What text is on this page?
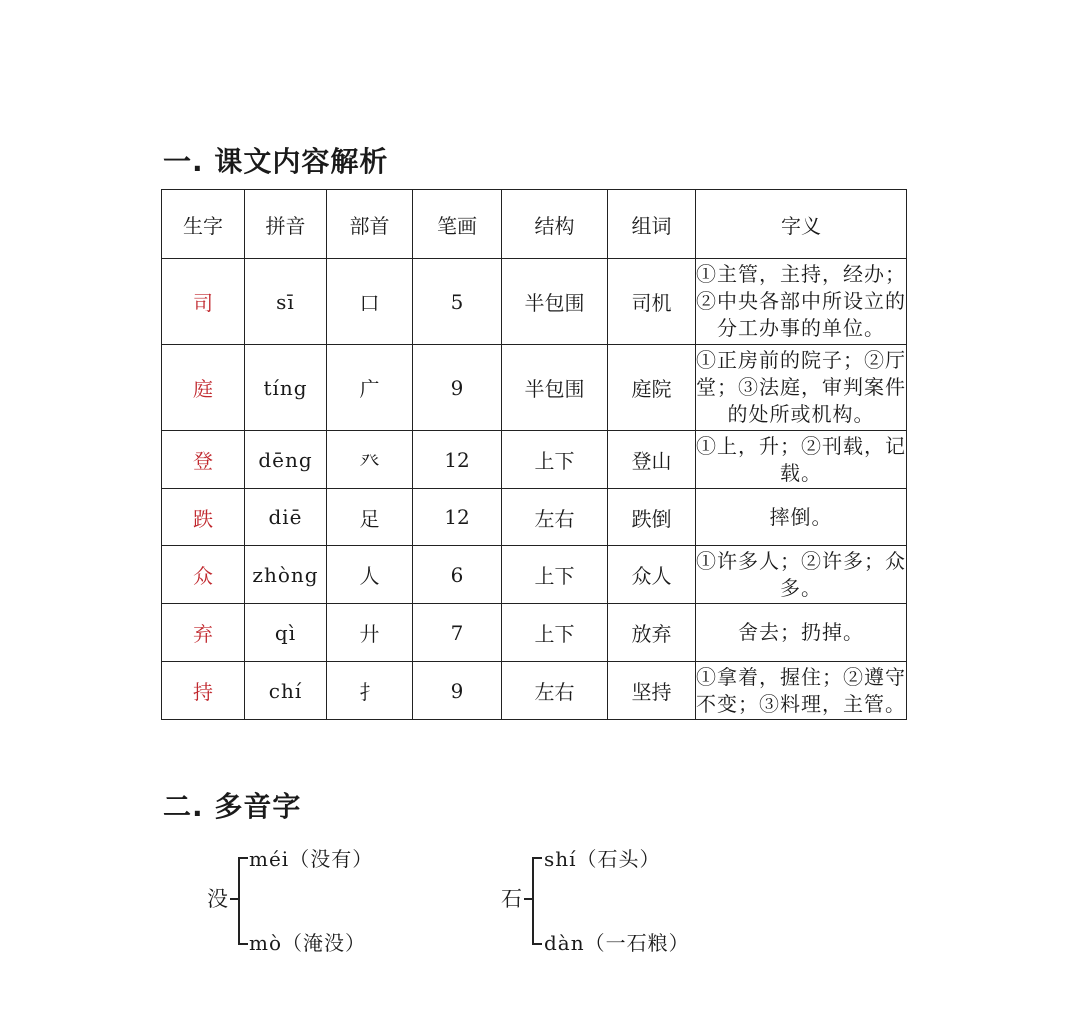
一. 课文内容解析
生字	拼音	部首	笔画	结构	组词	字义
司	sī	口	5	半包围	司机	①主管，主持，经办；②中央各部中所设立的分工办事的单位。
庭	tíng	广	9	半包围	庭院	①正房前的院子；②厅堂；③法庭，审判案件的处所或机构。
登	dēng	癶	12	上下	登山	①上，升；②刊载，记载。
跌	diē	足	12	左右	跌倒	摔倒。
众	zhòng	人	6	上下	众人	①许多人；②许多；众多。
弃	qì	廾	7	上下	放弃	舍去；扔掉。
持	chí	扌	9	左右	坚持	①拿着，握住；②遵守不变；③料理，主管。
二. 多音字
没
méi（没有）
mò（淹没）
石
shí（石头）
dàn（一石粮）
